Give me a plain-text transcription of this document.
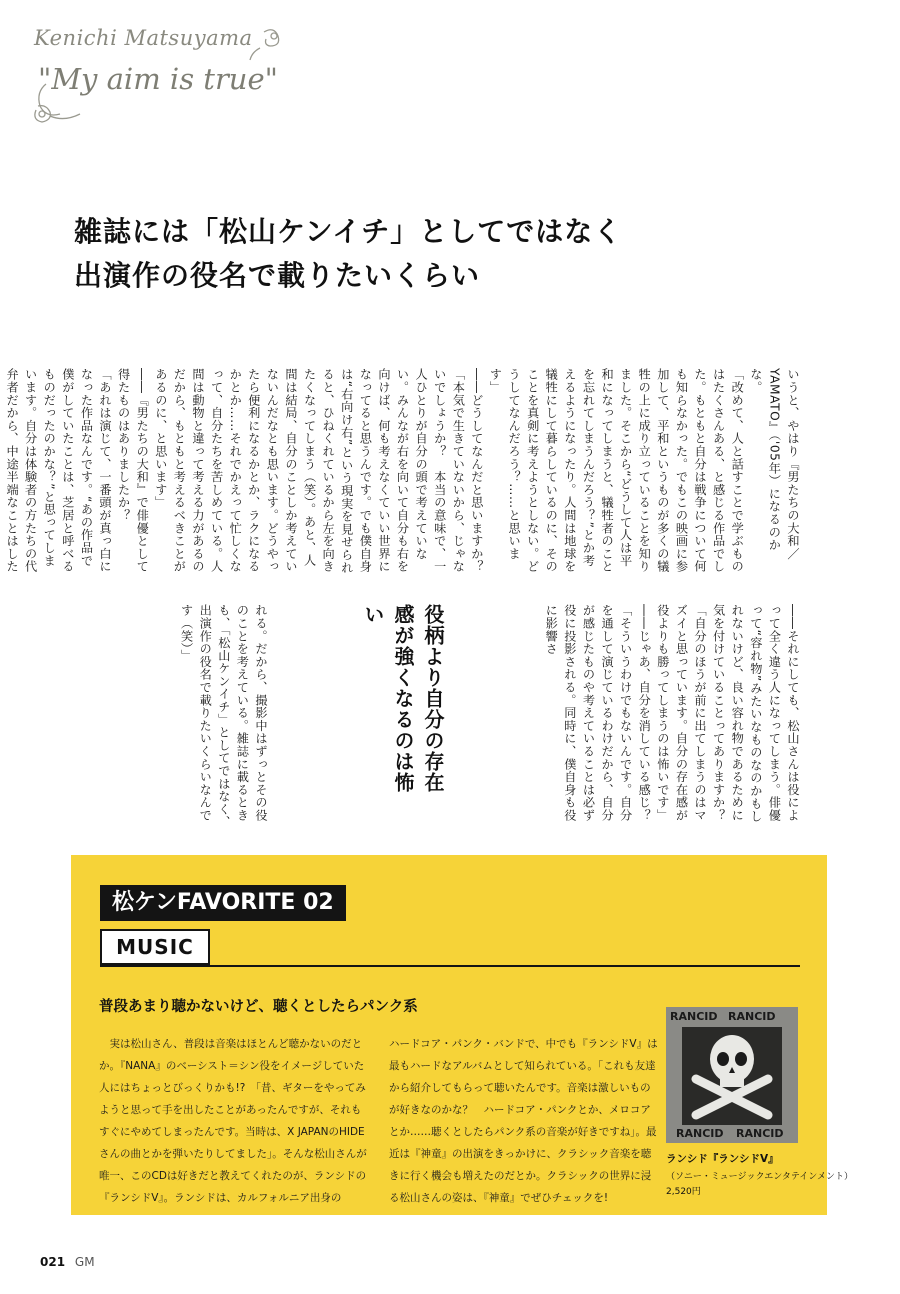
Kenichi Matsuyama
"My aim is true"
雑誌には「松山ケンイチ」としてではなく
出演作の役名で載りたいくらい

いうと、やはり『男たちの大和／YAMATO』（'05年）になるのかな。

「改めて、人と話すことで学ぶものはたくさんある、と感じる作品でした。もともと自分は戦争について何も知らなかった。でもこの映画に参加して、平和というものが多くの犠牲の上に成り立っていることを知りました。そこから“どうして人は平和になってしまうと、犠牲者のことを忘れてしまうんだろう？”とか考えるようになったり。人間は地球を犠牲にして暮らしているのに、そのことを真剣に考えようとしない。どうしてなんだろう？……と思います」

――どうしてなんだと思いますか？

「本気で生きていないから、じゃないでしょうか？　本当の意味で、一人ひとりが自分の頭で考えていない。みんなが右を向いて自分も右を向けば、何も考えなくていい世界になってると思うんです。でも僕自身は“右向け右”という現実を見せられると、ひねくれているから左を向きたくなってしまう（笑）。あと、人間は結局、自分のことしか考えていないんだなとも思います。どうやったら便利になるかとか、ラクになるかとか……それでかえって忙しくなって、自分たちを苦しめている。人間は動物と違って考える力があるのだから、もともと考えるべきことがあるのに、と思います」

――『男たちの大和』で俳優として得たものはありましたか？

「あれは演じて、一番頭が真っ白になった作品なんです。“あの作品で僕がしていたことは、芝居と呼べるものだったのかな？”と思ってしまいます。自分は体験者の方たちの代弁者だから、中途半端なことはした

役柄より自分の存在感が強くなるのは怖い	――それにしても、松山さんは役によって全く違う人になってしまう。俳優って“容れ物”みたいなものなのかもしれないけど、良い容れ物であるために気を付けていることってありますか？

「自分のほうが前に出てしまうのはマズイと思っています。自分の存在感が役よりも勝ってしまうのは怖いです」

――じゃあ、自分を消している感じ？

「そういうわけでもないんです。自分を通して演じているわけだから、自分が感じたものや考えていることは必ず役に投影される。同時に、僕自身も役に影響さ

れる。だから、撮影中はずっとその役のことを考えている。雑誌に載るときも、「松山ケンイチ」としてではなく、出演作の役名で載りたいくらいなんです（笑）」

松ケンFAVORITE 02
MUSIC
普段あまり聴かないけど、聴くとしたらパンク系

実は松山さん、普段は音楽はほとんど聴かないのだとか。『NANA』のベーシスト＝シン役をイメージしていた人にはちょっとびっくりかも!?　「昔、ギターをやってみようと思って手を出したことがあったんですが、それもすぐにやめてしまったんです。当時は、X JAPANのHIDEさんの曲とかを弾いたりしてました」。そんな松山さんが唯一、このCDは好きだと教えてくれたのが、ランシドの『ランシドV』。ランシドは、カルフォルニア出身の

ハードコア・パンク・バンドで、中でも『ランシドV』は最もハードなアルバムとして知られている。「これも友達から紹介してもらって聴いたんです。音楽は激しいものが好きなのかな？　ハードコア・パンクとか、メロコアとか……聴くとしたらパンク系の音楽が好きですね」。最近は『神童』の出演をきっかけに、クラシック音楽を聴きに行く機会も増えたのだとか。クラシックの世界に浸る松山さんの姿は、『神童』でぜひチェックを!

RANCID RANCID
RANCID RANCID
ランシド『ランシドV』
（ソニー・ミュージックエンタテインメント）
2,520円
021 GM
